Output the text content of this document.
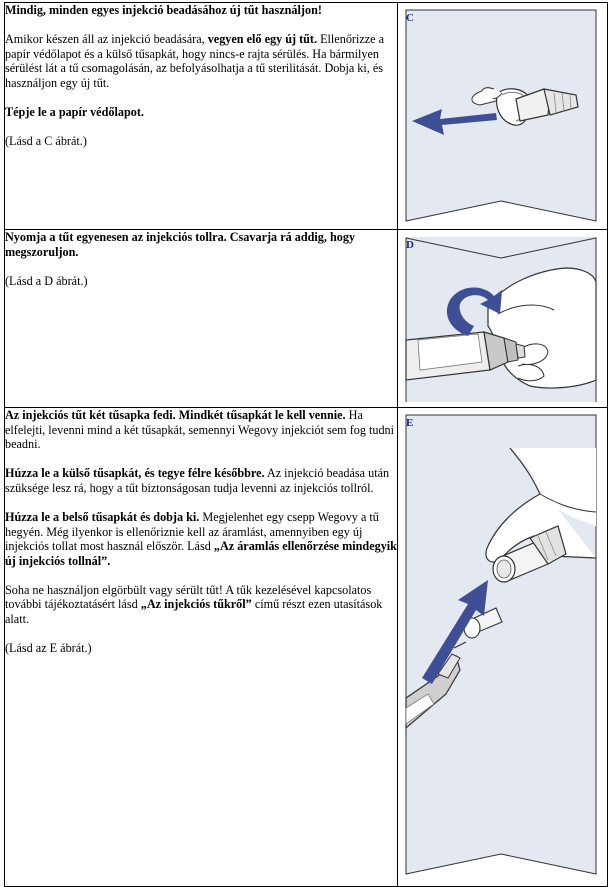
Mindig, minden egyes injekció beadásához új tűt használjon!

Amikor készen áll az injekció beadására, vegyen elő egy új tűt. Ellenőrizze a papír védőlapot és a külső tűsapkát, hogy nincs-e rajta sérülés. Ha bármilyen sérülést lát a tű csomagolásán, az befolyásolhatja a tű sterilitását. Dobja ki, és használjon egy új tűt.

Tépje le a papír védőlapot.

(Lásd a C ábrát.)	C

Nyomja a tűt egyenesen az injekciós tollra. Csavarja rá addig, hogy megszoruljon.

(Lásd a D ábrát.)	D

Az injekciós tűt két tűsapka fedi. Mindkét tűsapkát le kell vennie. Ha elfelejti, levenni mind a két tűsapkát, semennyi Wegovy injekciót sem fog tudni beadni.

Húzza le a külső tűsapkát, és tegye félre későbbre. Az injekció beadása után szüksége lesz rá, hogy a tűt biztonságosan tudja levenni az injekciós tollról.

Húzza le a belső tűsapkát és dobja ki. Megjelenhet egy csepp Wegovy a tű hegyén. Még ilyenkor is ellenőriznie kell az áramlást, amennyiben egy új injekciós tollat most használ először. Lásd „Az áramlás ellenőrzése mindegyik új injekciós tollnál”.

Soha ne használjon elgörbült vagy sérült tűt! A tűk kezelésével kapcsolatos további tájékoztatásért lásd „Az injekciós tűkről” című részt ezen utasítások alatt.

(Lásd az E ábrát.)	E
